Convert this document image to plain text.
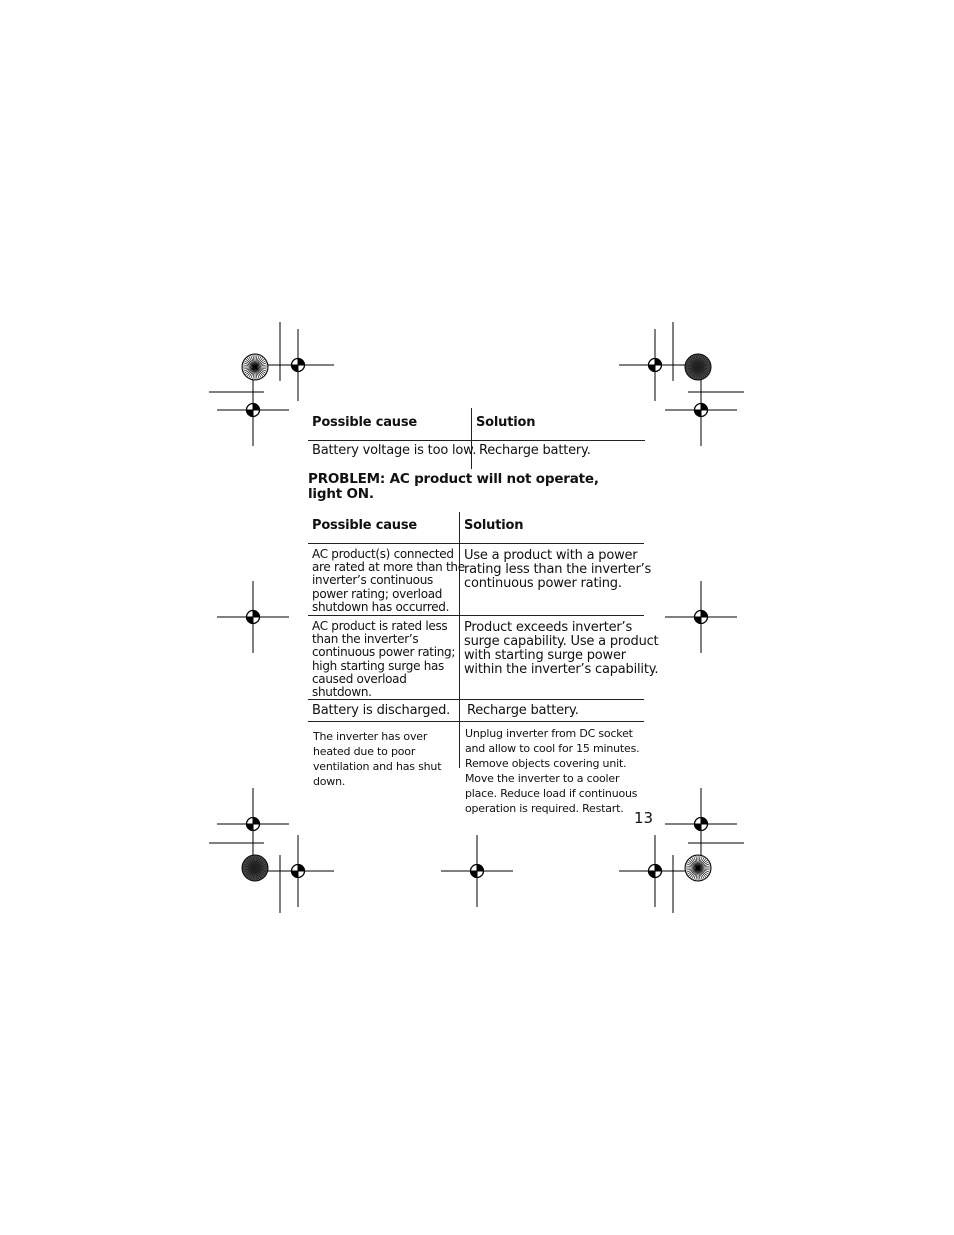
Possible cause	Solution
Battery voltage is too low. Recharge battery.
PROBLEM: AC product will not operate,
light ON.
Possible cause	Solution
AC product(s) connected
are rated at more than the
inverter’s continuous
power rating; overload
shutdown has occurred.
Use a product with a power
rating less than the inverter’s
continuous power rating.
AC product is rated less
than the inverter’s
continuous power rating;
high starting surge has
caused overload
shutdown.
Product exceeds inverter’s
surge capability. Use a product
with starting surge power
within the inverter’s capability.
Battery is discharged. Recharge battery.
The inverter has over
heated due to poor
ventilation and has shut
down.
Unplug inverter from DC socket
and allow to cool for 15 minutes.
Remove objects covering unit.
Move the inverter to a cooler
place. Reduce load if continuous
operation is required. Restart.
13
